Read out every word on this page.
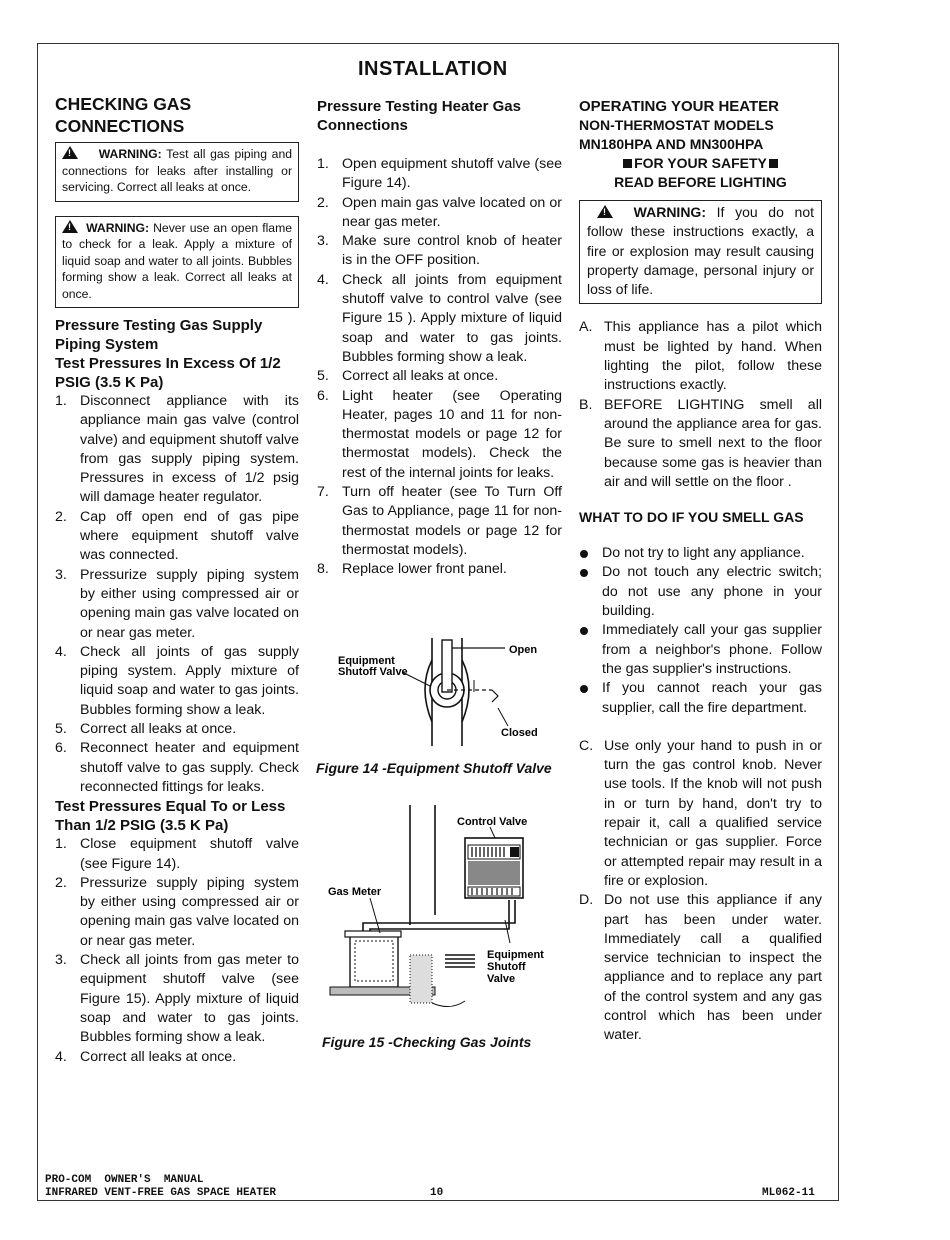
INSTALLATION

CHECKING GAS CONNECTIONS

! WARNING: Test all gas piping and connections for leaks after installing or servicing. Correct all leaks at once.
! WARNING: Never use an open flame to check for a leak. Apply a mixture of liquid soap and water to all joints. Bubbles forming show a leak. Correct all leaks at once.

Pressure Testing Gas Supply Piping System

Test Pressures In Excess Of 1/2 PSIG (3.5 K Pa)

1. Disconnect appliance with its appliance main gas valve (control valve) and equipment shutoff valve from gas supply piping system. Pressures in excess of 1/2 psig will damage heater regulator.
2. Cap off open end of gas pipe where equipment shutoff valve was connected.
3. Pressurize supply piping system by either using compressed air or opening main gas valve located on or near gas meter.
4. Check all joints of gas supply piping system. Apply mixture of liquid soap and water to gas joints. Bubbles forming show a leak.
5. Correct all leaks at once.
6. Reconnect heater and equipment shutoff valve to gas supply. Check reconnected fittings for leaks.

Test Pressures Equal To or Less Than 1/2 PSIG (3.5 K Pa)

1. Close equipment shutoff valve (see Figure 14).
2. Pressurize supply piping system by either using compressed air or opening main gas valve located on or near gas meter.
3. Check all joints from gas meter to equipment shutoff valve (see Figure 15). Apply mixture of liquid soap and water to gas joints. Bubbles forming show a leak.
4. Correct all leaks at once.

Pressure Testing Heater Gas Connections

1. Open equipment shutoff valve (see Figure 14).
2. Open main gas valve located on or near gas meter.
3. Make sure control knob of heater is in the OFF position.
4. Check all joints from equipment shutoff valve to control valve (see Figure 15 ). Apply mixture of liquid soap and water to gas joints. Bubbles forming show a leak.
5. Correct all leaks at once.
6. Light heater (see Operating Heater, pages 10 and 11 for non-thermostat models or page 12 for thermostat models). Check the rest of the internal joints for leaks.
7. Turn off heater (see To Turn Off Gas to Appliance, page 11 for non-thermostat models or page 12 for thermostat models).
8. Replace lower front panel.
Open
Closed
Equipment
Shutoff Valve
Figure 14 -Equipment Shutoff Valve
Control Valve
Gas Meter
Equipment
Shutoff
Valve
Figure 15 -Checking Gas Joints

OPERATING YOUR HEATER

NON-THERMOSTAT MODELS

MN180HPA AND MN300HPA

FOR YOUR SAFETY

READ BEFORE LIGHTING

! WARNING: If you do not follow these instructions exactly, a fire or explosion may result causing property damage, personal injury or loss of life.
A. This appliance has a pilot which must be lighted by hand. When lighting the pilot, follow these instructions exactly.
B. BEFORE LIGHTING smell all around the appliance area for gas. Be sure to smell next to the floor because some gas is heavier than air and will settle on the floor .

WHAT TO DO IF YOU SMELL GAS

Do not try to light any appliance.
Do not touch any electric switch; do not use any phone in your building.
Immediately call your gas supplier from a neighbor's phone. Follow the gas supplier's instructions.
If you cannot reach your gas supplier, call the fire department.
C. Use only your hand to push in or turn the gas control knob. Never use tools. If the knob will not push in or turn by hand, don't try to repair it, call a qualified service technician or gas supplier. Force or attempted repair may result in a fire or explosion.
D. Do not use this appliance if any part has been under water. Immediately call a qualified service technician to inspect the appliance and to replace any part of the control system and any gas control which has been under water.
PRO-COM  OWNER'S  MANUAL
INFRARED VENT-FREE GAS SPACE HEATER	10	ML062-11
